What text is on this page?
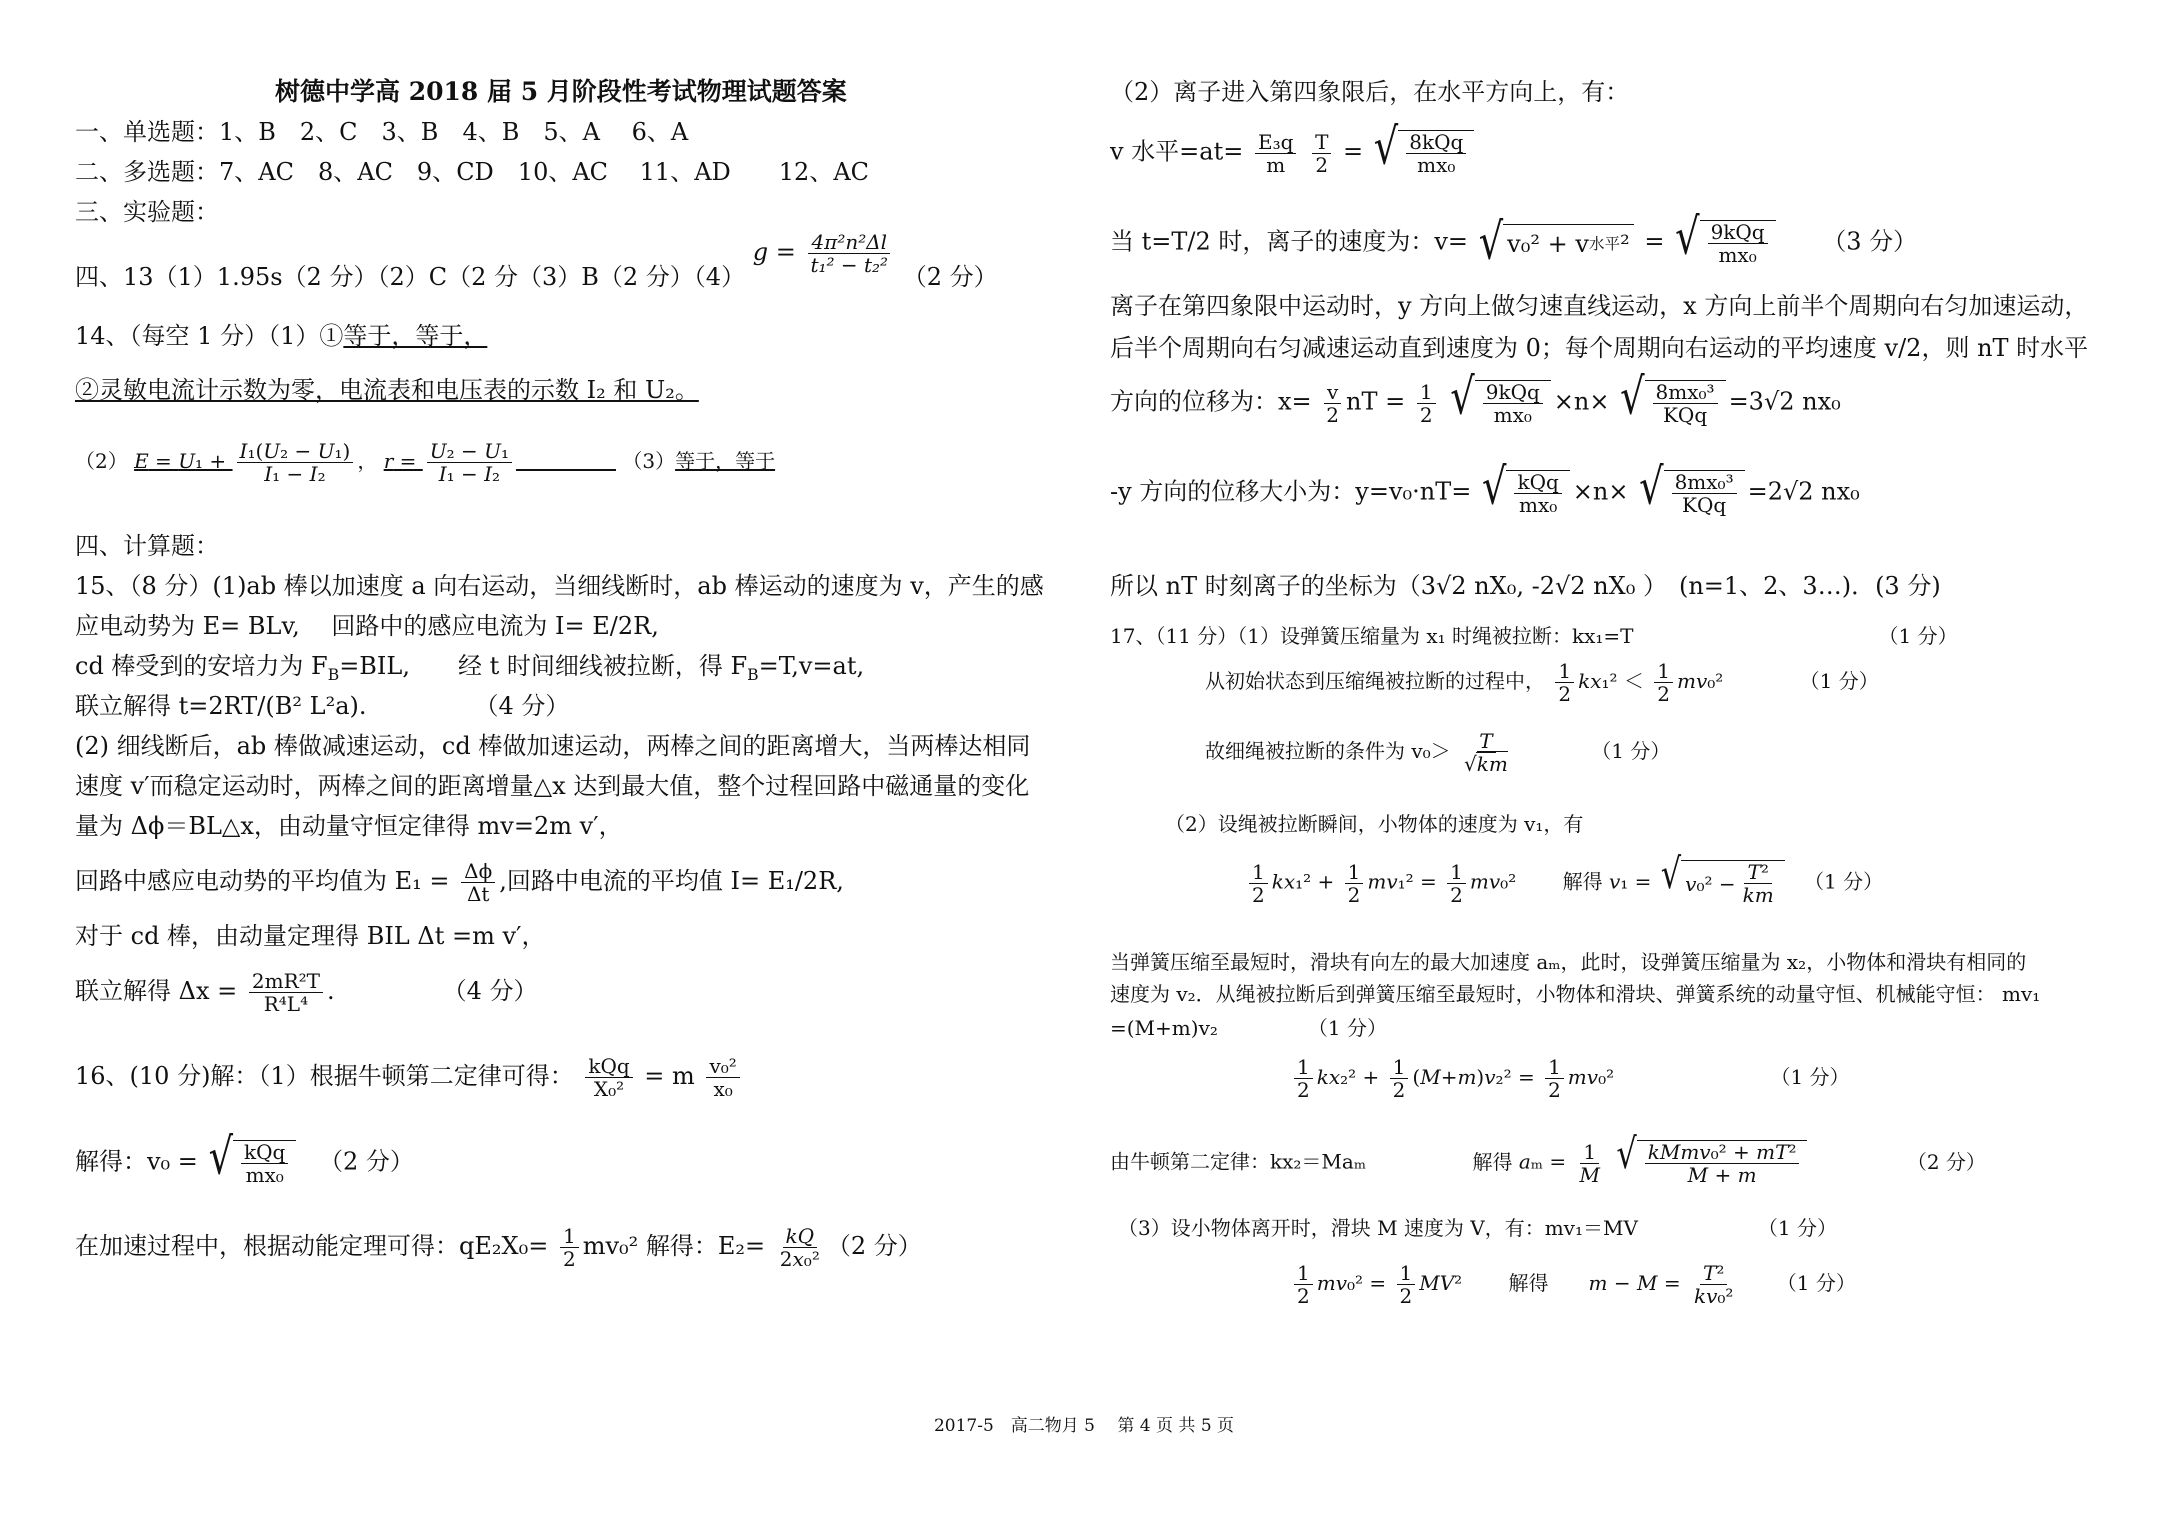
树德中学高 2018 届 5 月阶段性考试物理试题答案
一、单选题：1、B　2、C　3、B　4、B　5、A　 6、A
二、多选题：7、AC　8、AC　9、CD　10、AC　 11、AD　　12、AC
三、实验题：
四、13（1）1.95s（2 分）（2）C（2 分（3）B（2 分）（4） $g = \frac{\text{4π²n²Δl}}{\text{t₁² − t₂²}}$
（2 分）
14、（每空 1 分）（1）①等于，等于，
②灵敏电流计示数为零，电流表和电压表的示数 I₂ 和 U₂。
（2） $E = U_1 + \frac{\text{I₁(U₂ − U₁)}}{\text{I₁ − I₂}}$ ， $r = \frac{\text{U₂ − U₁}}{\text{I₁ − I₂}}$
　　　　　	（3）等于，等于
四、计算题：
15、（8 分）(1)ab 棒以加速度 a 向右运动，当细线断时，ab 棒运动的速度为 v，产生的感
应电动势为 E= BLv,　 回路中的感应电流为 I= E/2R,
cd 棒受到的安培力为 $F_B=BIL$,　　经 t 时间细线被拉断，得 $F_B=T,v=at$,
联立解得 t=2RT/(B² L²a).　　　　　（4 分）
(2) 细线断后，ab 棒做减速运动，cd 棒做加速运动，两棒之间的距离增大，当两棒达相同
速度 v′而稳定运动时，两棒之间的距离增量△x 达到最大值，整个过程回路中磁通量的变化
量为 Δϕ＝BL△x，由动量守恒定律得 mv=2m v′，
回路中感应电动势的平均值为 $E_1 = \frac{\Delta\phi}{\Delta t}$ ,回路中电流的平均值 I= E₁/2R,
对于 cd 棒，由动量定理得 BIL Δt =m v′，
联立解得 $\Delta x = \frac{\text{2mR²T}}{\text{R⁴L⁴}}$ .　　　　　（4 分）
16、(10 分)解：（1）根据牛顿第二定律可得： $\frac{\text{kQq}}{\text{X₀²}} = m \frac{\text{v₀²}}{\text{x₀}}$
解得：v₀ = √ $\frac{\text{kQq}}{\text{mx₀}}$
　 （2 分）
在加速过程中，根据动能定理可得：$qE_2X_0= \frac{1}{2} mv_0^2$ 解得：$E_2= \frac{kQ}{\text{2x₀²}} (2$ 分）
（2）离子进入第四象限后，在水平方向上，有：
v 水平$=at= \frac{\text{E₃q}}{m}$
$\frac{T}{2}$ = √ $\frac{\text{8kQq}}{\text{mx₀}}$
当 t=T/2 时，离子的速度为：v= √ v₀² + v 水平 ² = √ $\frac{\text{9kQq}}{\text{mx₀}}$
　　	（3 分）
离子在第四象限中运动时，y 方向上做匀速直线运动，x 方向上前半个周期向右匀加速运动，
后半个周期向右匀减速运动直到速度为 0；每个周期向右运动的平均速度 v/2，则 nT 时水平
方向的位移为：$x= \frac{v}{2}$ nT = $\frac{1}{2}$
√ $\frac{\text{9kQq}}{\text{mx₀}} \times n\times$ √ $\frac{\text{8mx₀³}}{\text{KQq}} =3√2$ nx₀
-y 方向的位移大小为：y=v₀·nT= √ $\frac{\text{kQq}}{\text{mx₀}} \times n\times$ √ $\frac{\text{8mx₀³}}{\text{KQq}} =2√2$ nx₀
所以 nT 时刻离子的坐标为（3√2 nX₀, -2√2 nX₀ ）　(n=1、2、3…)．(3 分)
17、（11 分）（1）设弹簧压缩量为 x₁ 时绳被拉断：kx₁=T	（1 分）
从初始状态到压缩绳被拉断的过程中， $\frac{1}{2} kx_1^2 < \frac{1}{2} mv_0^2$	（1 分）
故细绳被拉断的条件为 $v_0> \frac{T}{√km}$	（1 分）
（2）设绳被拉断瞬间，小物体的速度为 v₁，有
$\frac{1}{2} kx_1^2 + \frac{1}{2} mv_1^2 = \frac{1}{2} mv_0^2$ 　　解得 v₁ = √ v $_0^2 - \frac{\text{T²}}{km}$
　 （1 分）
当弹簧压缩至最短时，滑块有向左的最大加速度 aₘ，此时，设弹簧压缩量为 x₂，小物体和滑块有相同的
速度为 v₂．从绳被拉断后到弹簧压缩至最短时，小物体和滑块、弹簧系统的动量守恒、机械能守恒： mv₁
=(M+m)v₂　　　　　（1 分）
$\frac{1}{2} kx_2^2 + \frac{1}{2} (M+m)v_2^2 = \frac{1}{2} mv_0^2$	（1 分）
由牛顿第二定律：kx₂＝Maₘ	解得 $a_m = \frac{1}{M}$
√ $\frac{\text{kMmv₀² + mT²}}{M + m}$	（2 分）
（3）设小物体离开时，滑块 M 速度为 V，有：mv₁＝MV	（1 分）
$\frac{1}{2} mv_0^2 = \frac{1}{2} MV^2$ 　　解得　　 $m - M = \frac{\text{T²}}{\text{kv₀²}}$
　　	（1 分）
2017-5　高二物月 5　 第 4 页 共 5 页
